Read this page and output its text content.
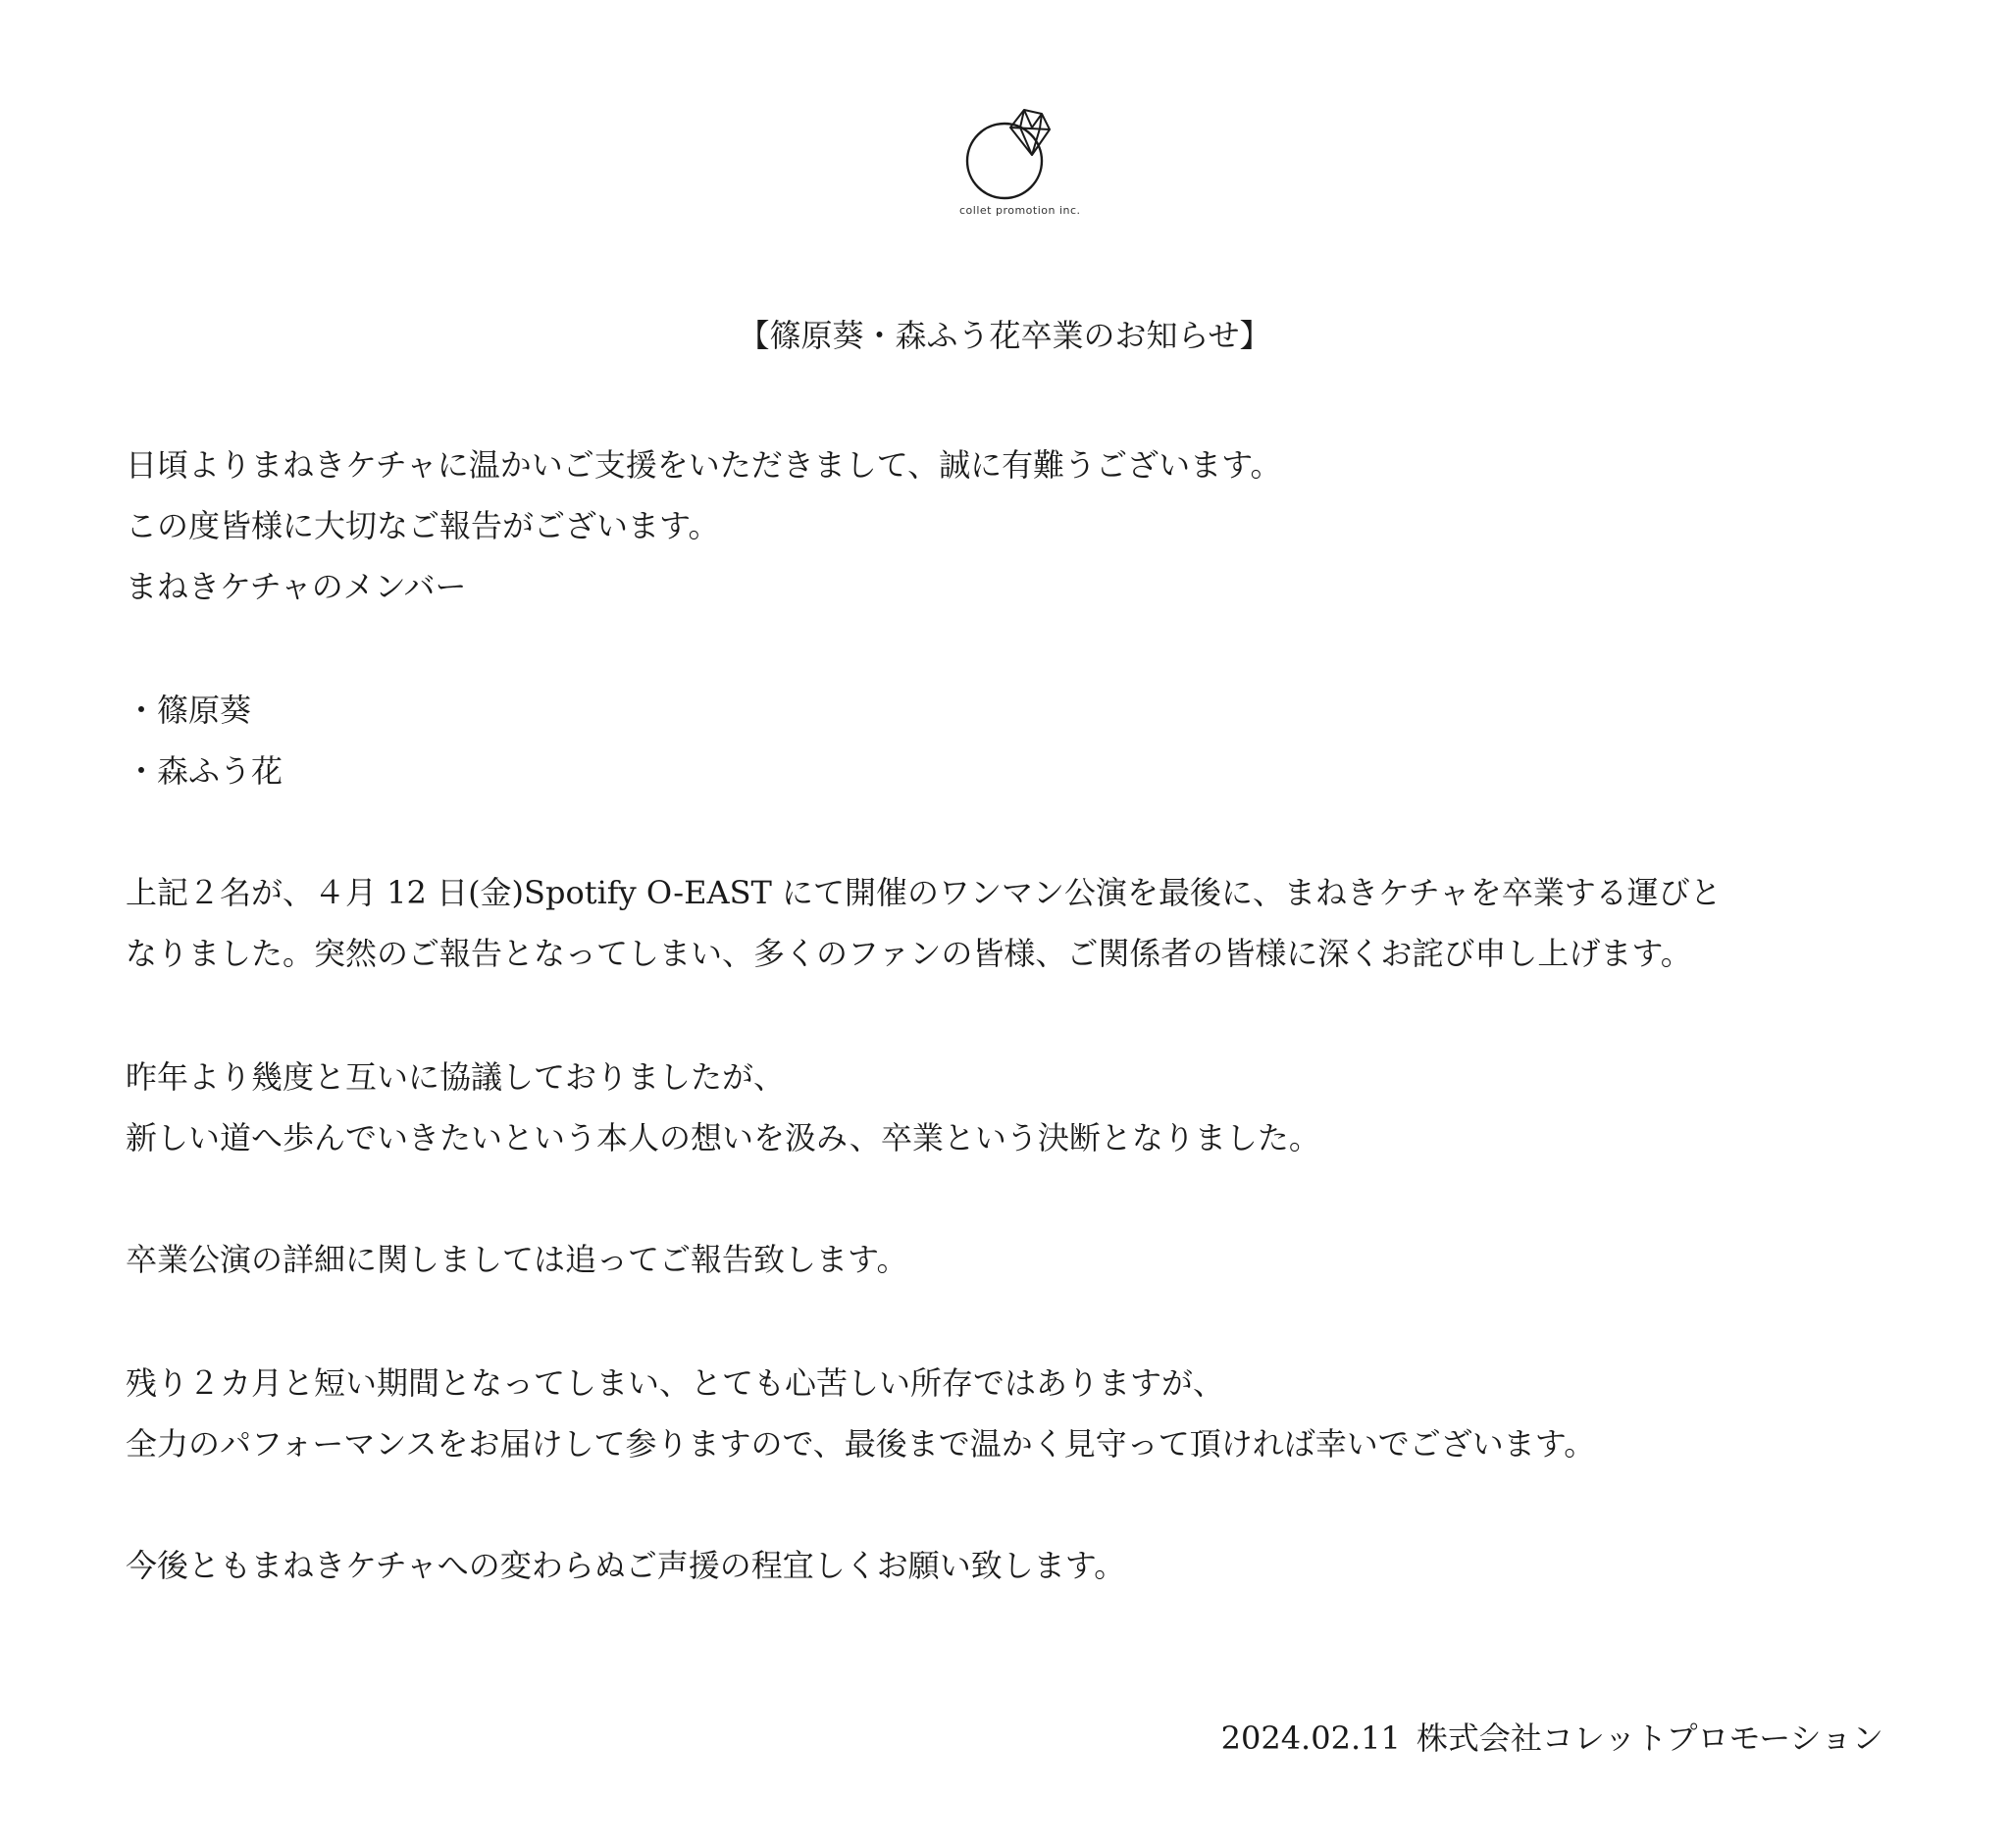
collet promotion inc.
【篠原葵・森ふう花卒業のお知らせ】
日頃よりまねきケチャに温かいご支援をいただきまして、誠に有難うございます。
この度皆様に大切なご報告がございます。
まねきケチャのメンバー
・篠原葵
・森ふう花
上記２名が、４月 12 日(金)Spotify O-EAST にて開催のワンマン公演を最後に、まねきケチャを卒業する運びと
なりました。突然のご報告となってしまい、多くのファンの皆様、ご関係者の皆様に深くお詫び申し上げます。
昨年より幾度と互いに協議しておりましたが、
新しい道へ歩んでいきたいという本人の想いを汲み、卒業という決断となりました。
卒業公演の詳細に関しましては追ってご報告致します。
残り２カ月と短い期間となってしまい、とても心苦しい所存ではありますが、
全力のパフォーマンスをお届けして参りますので、最後まで温かく見守って頂ければ幸いでございます。
今後ともまねきケチャへの変わらぬご声援の程宜しくお願い致します。
2024.02.11 株式会社コレットプロモーション
